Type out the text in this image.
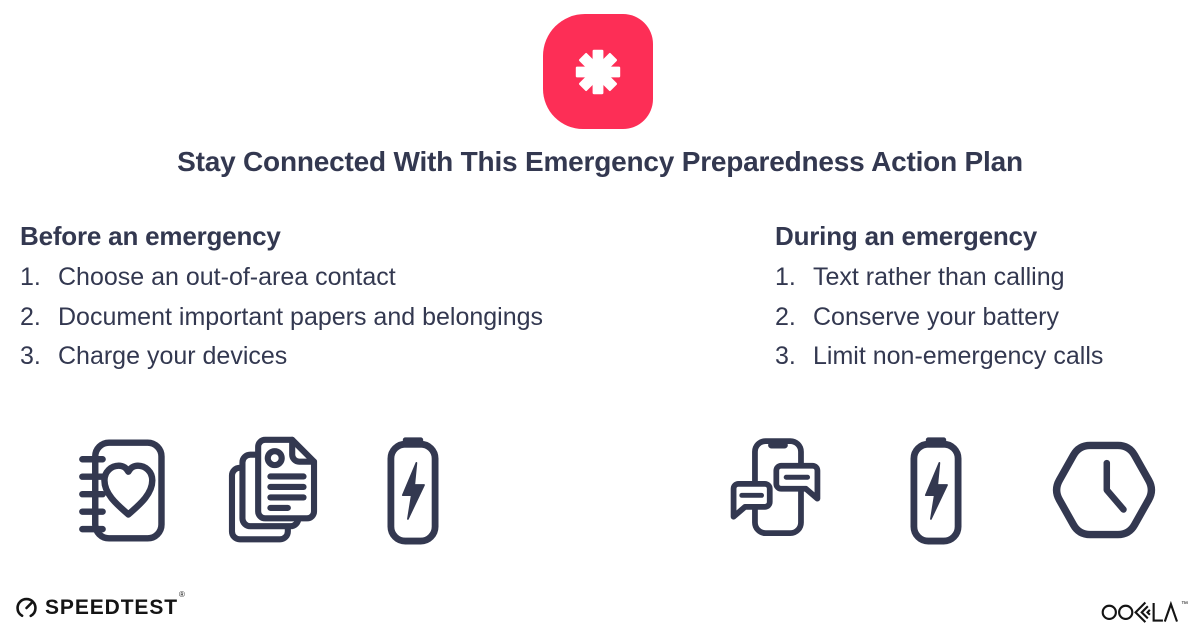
Stay Connected With This Emergency Preparedness Action Plan
Before an emergency
1. Choose an out-of-area contact
2. Document important papers and belongings
3. Charge your devices
During an emergency
1. Text rather than calling
2. Conserve your battery
3. Limit non-emergency calls
SPEEDTEST®
™
